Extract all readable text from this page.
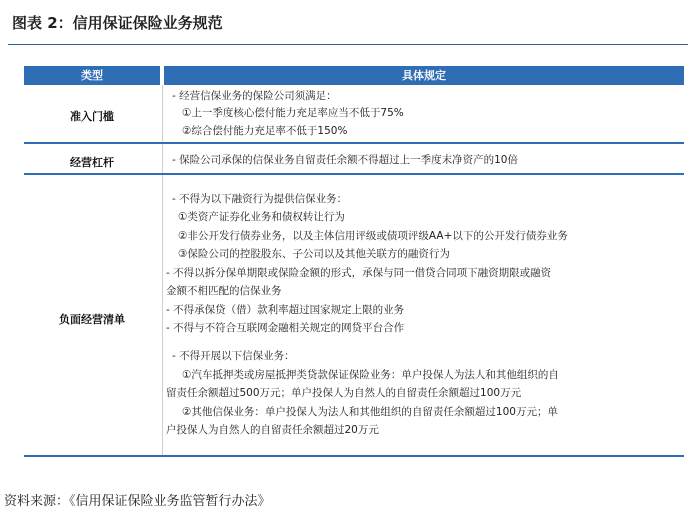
图表 2：信用保证保险业务规范
类型	具体规定
准入门槛
- 经营信保业务的保险公司须满足：
①上一季度核心偿付能力充足率应当不低于75%
②综合偿付能力充足率不低于150%
经营杠杆	- 保险公司承保的信保业务自留责任余额不得超过上一季度末净资产的10倍
负面经营清单
- 不得为以下融资行为提供信保业务：
①类资产证券化业务和债权转让行为
②非公开发行债券业务，以及主体信用评级或债项评级AA+以下的公开发行债券业务
③保险公司的控股股东、子公司以及其他关联方的融资行为
- 不得以拆分保单期限或保险金额的形式，承保与同一借贷合同项下融资期限或融资
金额不相匹配的信保业务
- 不得承保贷（借）款利率超过国家规定上限的业务
- 不得与不符合互联网金融相关规定的网贷平台合作
- 不得开展以下信保业务：
①汽车抵押类或房屋抵押类贷款保证保险业务：单户投保人为法人和其他组织的自
留责任余额超过500万元；单户投保人为自然人的自留责任余额超过100万元
②其他信保业务：单户投保人为法人和其他组织的自留责任余额超过100万元；单
户投保人为自然人的自留责任余额超过20万元
资料来源：《信用保证保险业务监管暂行办法》
